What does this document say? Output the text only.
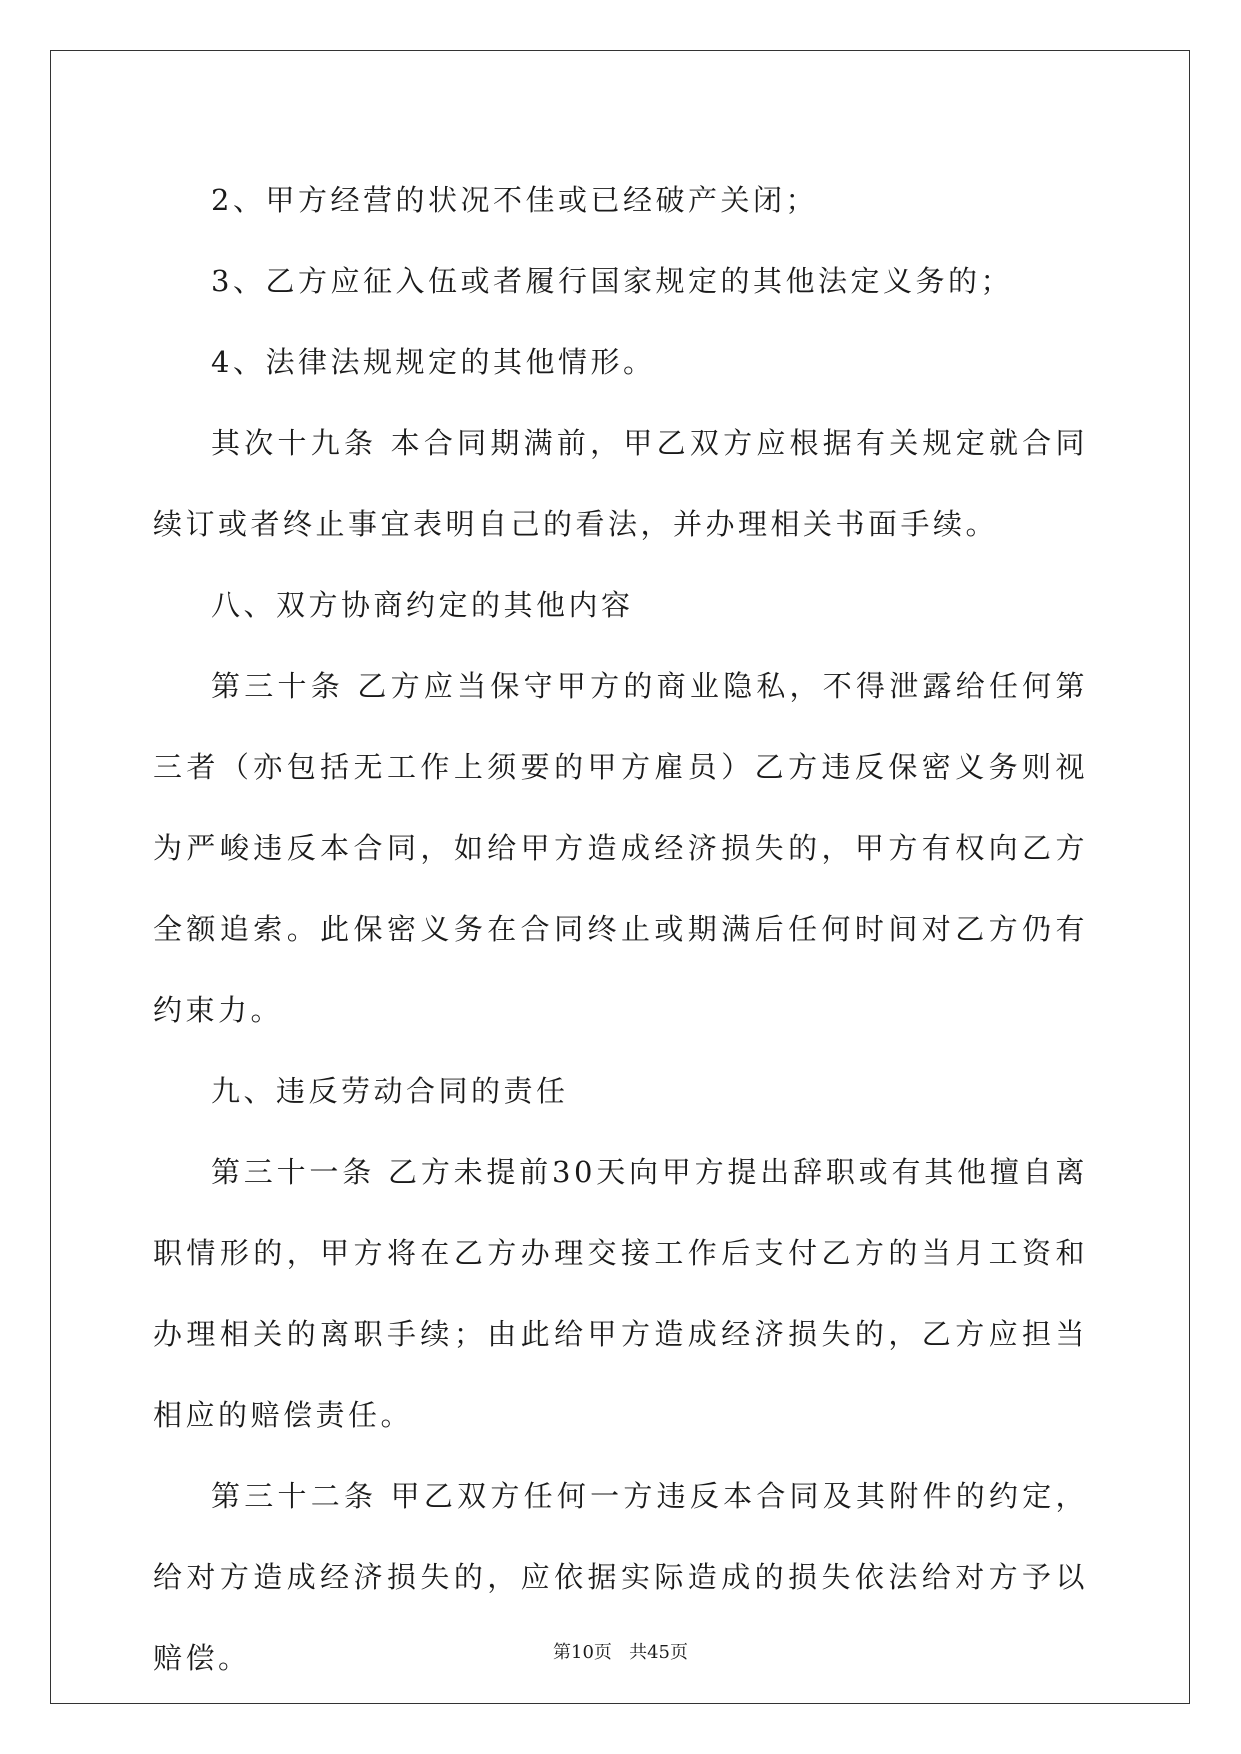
2、甲方经营的状况不佳或已经破产关闭；

3、乙方应征入伍或者履行国家规定的其他法定义务的；

4、法律法规规定的其他情形。

其次十九条 本合同期满前，甲乙双方应根据有关规定就合同续订或者终止事宜表明自己的看法，并办理相关书面手续。

八、双方协商约定的其他内容

第三十条 乙方应当保守甲方的商业隐私，不得泄露给任何第三者（亦包括无工作上须要的甲方雇员）乙方违反保密义务则视为严峻违反本合同，如给甲方造成经济损失的，甲方有权向乙方全额追索。此保密义务在合同终止或期满后任何时间对乙方仍有约束力。

九、违反劳动合同的责任

第三十一条 乙方未提前30天向甲方提出辞职或有其他擅自离职情形的，甲方将在乙方办理交接工作后支付乙方的当月工资和办理相关的离职手续；由此给甲方造成经济损失的，乙方应担当相应的赔偿责任。

第三十二条 甲乙双方任何一方违反本合同及其附件的约定，给对方造成经济损失的，应依据实际造成的损失依法给对方予以赔偿。	第10页   共45页
